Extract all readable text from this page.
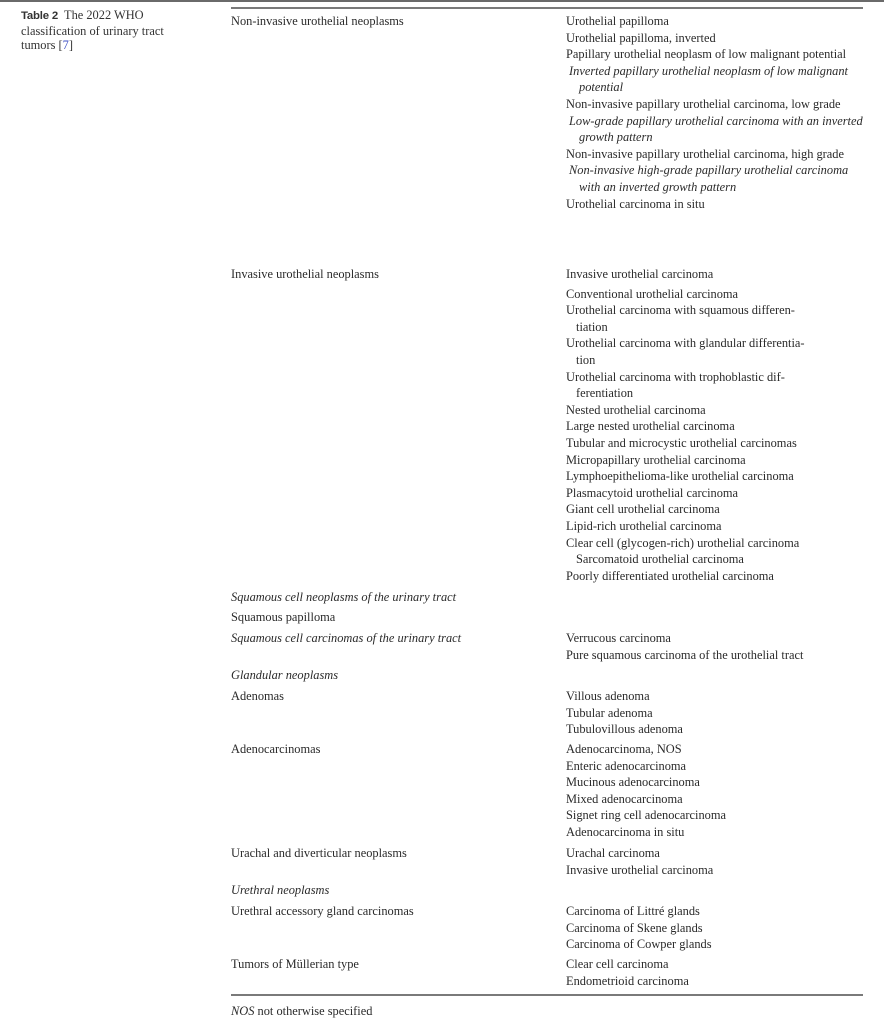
Table 2 The 2022 WHO classification of urinary tract tumors [7]
Non-invasive urothelial neoplasms	Urothelial papilloma
Urothelial papilloma, inverted
Papillary urothelial neoplasm of low malignant potential
Inverted papillary urothelial neoplasm of low malignant potential
Non-invasive papillary urothelial carcinoma, low grade
Low-grade papillary urothelial carcinoma with an inverted growth pattern
Non-invasive papillary urothelial carcinoma, high grade
Non-invasive high-grade papillary urothelial carcinoma with an inverted growth pattern
Urothelial carcinoma in situ
Invasive urothelial neoplasms	Invasive urothelial carcinoma
Conventional urothelial carcinoma
Urothelial carcinoma with squamous differen-
tiation
Urothelial carcinoma with glandular differentia-
tion
Urothelial carcinoma with trophoblastic dif-
ferentiation
Nested urothelial carcinoma
Large nested urothelial carcinoma
Tubular and microcystic urothelial carcinomas
Micropapillary urothelial carcinoma
Lymphoepithelioma-like urothelial carcinoma
Plasmacytoid urothelial carcinoma
Giant cell urothelial carcinoma
Lipid-rich urothelial carcinoma
Clear cell (glycogen-rich) urothelial carcinoma
Sarcomatoid urothelial carcinoma
Poorly differentiated urothelial carcinoma
Squamous cell neoplasms of the urinary tract
Squamous papilloma
Squamous cell carcinomas of the urinary tract	Verrucous carcinoma
Pure squamous carcinoma of the urothelial tract
Glandular neoplasms
Adenomas	Villous adenoma
Tubular adenoma
Tubulovillous adenoma
Adenocarcinomas	Adenocarcinoma, NOS
Enteric adenocarcinoma
Mucinous adenocarcinoma
Mixed adenocarcinoma
Signet ring cell adenocarcinoma
Adenocarcinoma in situ
Urachal and diverticular neoplasms	Urachal carcinoma
Invasive urothelial carcinoma
Urethral neoplasms
Urethral accessory gland carcinomas	Carcinoma of Littré glands
Carcinoma of Skene glands
Carcinoma of Cowper glands
Tumors of Müllerian type	Clear cell carcinoma
Endometrioid carcinoma
NOS not otherwise specified
